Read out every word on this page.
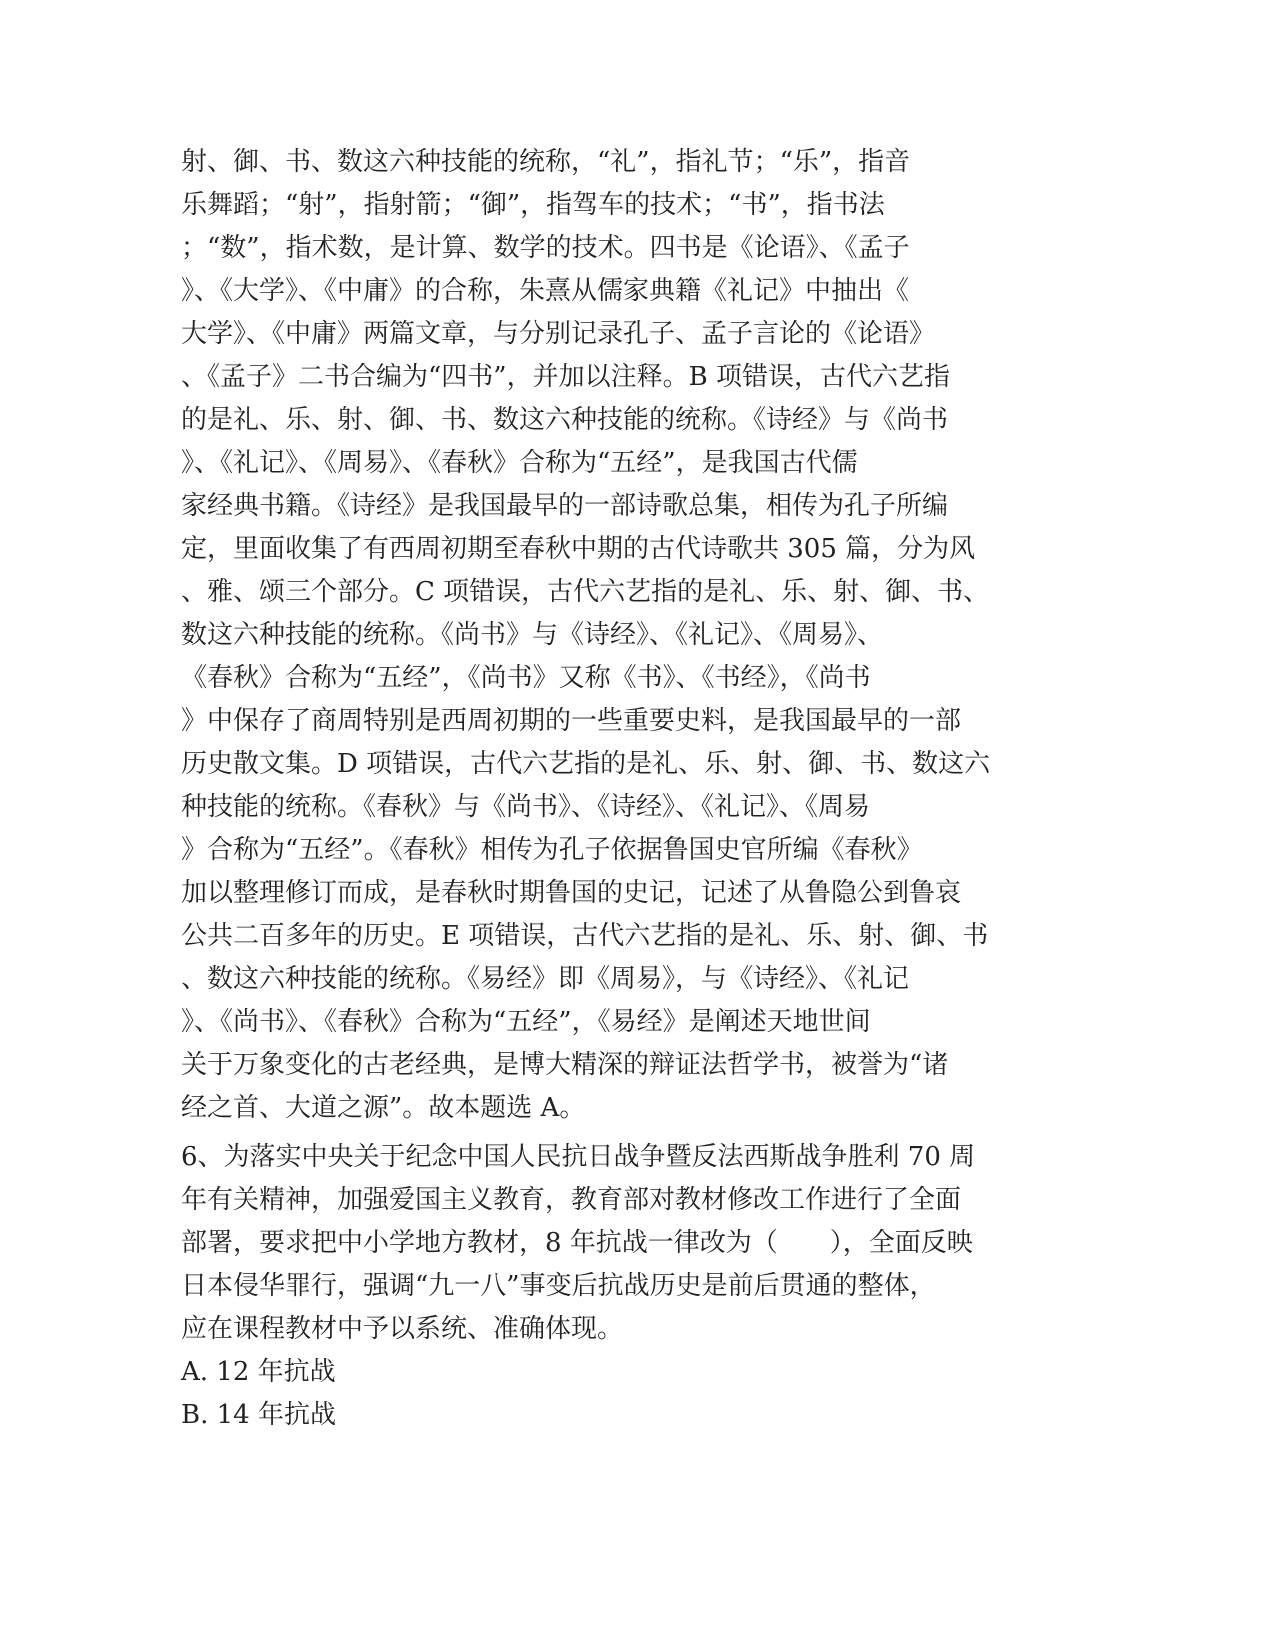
射、御、书、数这六种技能的统称，“礼”，指礼节；“乐”，指音
乐舞蹈；“射”，指射箭；“御”，指驾车的技术；“书”，指书法
；“数”，指术数，是计算、数学的技术。四书是《论语》、《孟子
》、《大学》、《中庸》的合称，朱熹从儒家典籍《礼记》中抽出《
大学》、《中庸》两篇文章，与分别记录孔子、孟子言论的《论语》
、《孟子》二书合编为“四书”，并加以注释。B 项错误，古代六艺指
的是礼、乐、射、御、书、数这六种技能的统称。《诗经》与《尚书
》、《礼记》、《周易》、《春秋》合称为“五经”，是我国古代儒
家经典书籍。《诗经》是我国最早的一部诗歌总集，相传为孔子所编
定，里面收集了有西周初期至春秋中期的古代诗歌共 305 篇，分为风
、雅、颂三个部分。C 项错误，古代六艺指的是礼、乐、射、御、书、
数这六种技能的统称。《尚书》与《诗经》、《礼记》、《周易》、
《春秋》合称为“五经”，《尚书》又称《书》、《书经》，《尚书
》中保存了商周特别是西周初期的一些重要史料，是我国最早的一部
历史散文集。D 项错误，古代六艺指的是礼、乐、射、御、书、数这六
种技能的统称。《春秋》与《尚书》、《诗经》、《礼记》、《周易
》合称为“五经”。《春秋》相传为孔子依据鲁国史官所编《春秋》
加以整理修订而成，是春秋时期鲁国的史记，记述了从鲁隐公到鲁哀
公共二百多年的历史。E 项错误，古代六艺指的是礼、乐、射、御、书
、数这六种技能的统称。《易经》即《周易》，与《诗经》、《礼记
》、《尚书》、《春秋》合称为“五经”，《易经》是阐述天地世间
关于万象变化的古老经典，是博大精深的辩证法哲学书，被誉为“诸
经之首、大道之源”。故本题选 A。
6、为落实中央关于纪念中国人民抗日战争暨反法西斯战争胜利 70 周
年有关精神，加强爱国主义教育，教育部对教材修改工作进行了全面
部署，要求把中小学地方教材，8 年抗战一律改为（　　），全面反映
日本侵华罪行，强调“九一八”事变后抗战历史是前后贯通的整体，
应在课程教材中予以系统、准确体现。
A. 12 年抗战
B. 14 年抗战
